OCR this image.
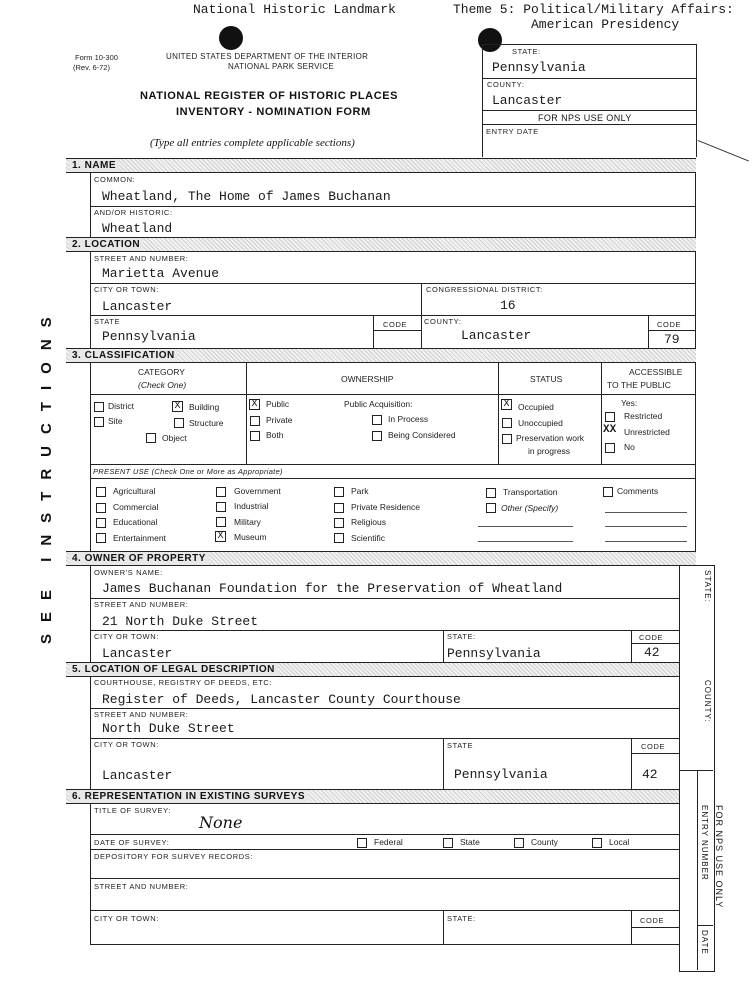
National Historic Landmark	Theme 5: Political/Military Affairs:
American Presidency
Form 10-300
(Rev. 6-72)
UNITED STATES DEPARTMENT OF THE INTERIOR
NATIONAL PARK SERVICE
NATIONAL REGISTER OF HISTORIC PLACES
INVENTORY - NOMINATION FORM
(Type all entries complete applicable sections)
SEE INSTRUCTIONS
STATE:
Pennsylvania
COUNTY:
Lancaster
FOR NPS USE ONLY
ENTRY DATE
1. NAME
COMMON:
Wheatland, The Home of James Buchanan
AND/OR HISTORIC:
Wheatland
2. LOCATION
STREET AND NUMBER:
Marietta Avenue
CITY OR TOWN:
Lancaster
CONGRESSIONAL DISTRICT:
16
STATE
Pennsylvania
CODE COUNTY:
Lancaster
CODE
79
3. CLASSIFICATION
CATEGORY
(Check One)
OWNERSHIP	STATUS
ACCESSIBLE
TO THE PUBLIC
District	X Building
Site	Structure
Object
X Public
Private
Both
Public Acquisition:
In Process
Being Considered
X Occupied
Unoccupied
Preservation work
in progress
Yes:
Restricted
XX Unrestricted
No
PRESENT USE (Check One or More as Appropriate)
Agricultural
Commercial
Educational
Entertainment
Government
Industrial
Military
X Museum
Park
Private Residence
Religious
Scientific
Transportation
Other (Specify)
Comments
4. OWNER OF PROPERTY
STATE:
COUNTY:
OWNER'S NAME:
James Buchanan Foundation for the Preservation of Wheatland
STREET AND NUMBER:
21 North Duke Street
CITY OR TOWN:
Lancaster
STATE:
Pennsylvania
CODE
42
5. LOCATION OF LEGAL DESCRIPTION
COURTHOUSE, REGISTRY OF DEEDS, ETC:
Register of Deeds, Lancaster County Courthouse
STREET AND NUMBER:
North Duke Street
CITY OR TOWN:
Lancaster
STATE
Pennsylvania
CODE
42
6. REPRESENTATION IN EXISTING SURVEYS
ENTRY NUMBER FOR NPS USE ONLY
DATE
TITLE OF SURVEY:
None
DATE OF SURVEY:	Federal	State	County	Local
DEPOSITORY FOR SURVEY RECORDS:
STREET AND NUMBER:
CITY OR TOWN:	STATE:	CODE
